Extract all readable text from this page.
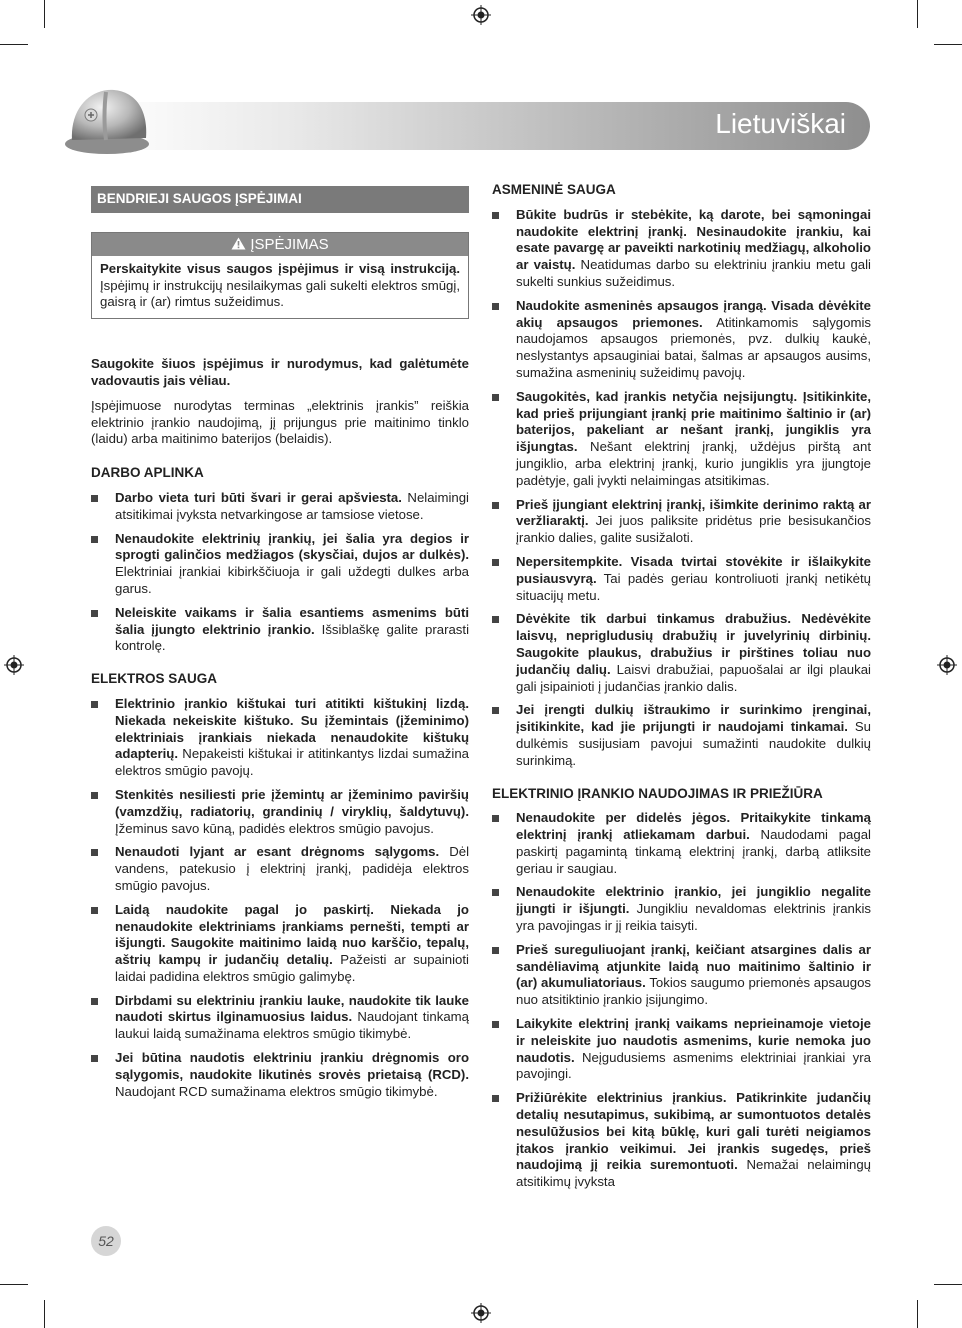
Lietuviškai
BENDRIEJI SAUGOS ĮSPĖJIMAI
ĮSPĖJIMAS
Perskaitykite visus saugos įspėjimus ir visą instrukciją. Įspėjimų ir instrukcijų nesilaikymas gali sukelti elektros smūgį, gaisrą ir (ar) rimtus sužeidimus.

Saugokite šiuos įspėjimus ir nurodymus, kad galėtumėte vadovautis jais vėliau.

Įspėjimuose nurodytas terminas „elektrinis įrankis” reiškia elektrinio įrankio naudojimą, jį prijungus prie maitinimo tinklo (laidu) arba maitinimo baterijos (belaidis).

DARBO APLINKA
Darbo vieta turi būti švari ir gerai apšviesta. Nelaimingi atsitikimai įvyksta netvarkingose ar tamsiose vietose.
Nenaudokite elektrinių įrankių, jei šalia yra degios ir sprogti galinčios medžiagos (skysčiai, dujos ar dulkės). Elektriniai įrankiai kibirkščiuoja ir gali uždegti dulkes arba garus.
Neleiskite vaikams ir šalia esantiems asmenims būti šalia įjungto elektrinio įrankio. Išsiblaškę galite prarasti kontrolę.
ELEKTROS SAUGA
Elektrinio įrankio kištukai turi atitikti kištukinį lizdą. Niekada nekeiskite kištuko. Su įžemintais (įžeminimo) elektriniais įrankiais niekada nenaudokite kištukų adapterių. Nepakeisti kištukai ir atitinkantys lizdai sumažina elektros smūgio pavojų.
Stenkitės nesiliesti prie įžemintų ar įžeminimo paviršių (vamzdžių, radiatorių, grandinių / viryklių, šaldytuvų). Įžeminus savo kūną, padidės elektros smūgio pavojus.
Nenaudoti lyjant ar esant drėgnoms sąlygoms. Dėl vandens, patekusio į elektrinį įrankį, padidėja elektros smūgio pavojus.
Laidą naudokite pagal jo paskirtį. Niekada jo nenaudokite elektriniams įrankiams pernešti, tempti ar išjungti. Saugokite maitinimo laidą nuo karščio, tepalų, aštrių kampų ir judančių detalių. Pažeisti ar supainioti laidai padidina elektros smūgio galimybę.
Dirbdami su elektriniu įrankiu lauke, naudokite tik lauke naudoti skirtus ilginamuosius laidus. Naudojant tinkamą laukui laidą sumažinama elektros smūgio tikimybė.
Jei būtina naudotis elektriniu įrankiu drėgnomis oro sąlygomis, naudokite likutinės srovės prietaisą (RCD). Naudojant RCD sumažinama elektros smūgio tikimybė.
ASMENINĖ SAUGA
Būkite budrūs ir stebėkite, ką darote, bei sąmoningai naudokite elektrinį įrankį. Nesinaudokite įrankiu, kai esate pavargę ar paveikti narkotinių medžiagų, alkoholio ar vaistų. Neatidumas darbo su elektriniu įrankiu metu gali sukelti sunkius sužeidimus.
Naudokite asmeninės apsaugos įrangą. Visada dėvėkite akių apsaugos priemones. Atitinkamomis sąlygomis naudojamos apsaugos priemonės, pvz. dulkių kaukė, neslystantys apsauginiai batai, šalmas ar apsaugos ausims, sumažina asmeninių sužeidimų pavojų.
Saugokitės, kad įrankis netyčia neįsijungtų. Įsitikinkite, kad prieš prijungiant įrankį prie maitinimo šaltinio ir (ar) baterijos, pakeliant ar nešant įrankį, jungiklis yra išjungtas. Nešant elektrinį įrankį, uždėjus pirštą ant jungiklio, arba elektrinį įrankį, kurio jungiklis yra įjungtoje padėtyje, gali įvykti nelaimingas atsitikimas.
Prieš įjungiant elektrinį įrankį, išimkite derinimo raktą ar veržliaraktį. Jei juos paliksite pridėtus prie besisukančios įrankio dalies, galite susižaloti.
Nepersitempkite. Visada tvirtai stovėkite ir išlaikykite pusiausvyrą. Tai padės geriau kontroliuoti įrankį netikėtų situacijų metu.
Dėvėkite tik darbui tinkamus drabužius. Nedėvėkite laisvų, neprigludusių drabužių ir juvelyrinių dirbinių. Saugokite plaukus, drabužius ir pirštines toliau nuo judančių dalių. Laisvi drabužiai, papuošalai ar ilgi plaukai gali įsipainioti į judančias įrankio dalis.
Jei įrengti dulkių ištraukimo ir surinkimo įrenginai, įsitikinkite, kad jie prijungti ir naudojami tinkamai. Su dulkėmis susijusiam pavojui sumažinti naudokite dulkių surinkimą.
ELEKTRINIO ĮRANKIO NAUDOJIMAS IR PRIEŽIŪRA
Nenaudokite per didelės jėgos. Pritaikykite tinkamą elektrinį įrankį atliekamam darbui. Naudodami pagal paskirtį pagamintą tinkamą elektrinį įrankį, darbą atliksite geriau ir saugiau.
Nenaudokite elektrinio įrankio, jei jungiklio negalite įjungti ir išjungti. Jungikliu nevaldomas elektrinis įrankis yra pavojingas ir jį reikia taisyti.
Prieš sureguliuojant įrankį, keičiant atsargines dalis ar sandėliavimą atjunkite laidą nuo maitinimo šaltinio ir (ar) akumuliatoriaus. Tokios saugumo priemonės apsaugos nuo atsitiktinio įrankio įsijungimo.
Laikykite elektrinį įrankį vaikams neprieinamoje vietoje ir neleiskite juo naudotis asmenims, kurie nemoka juo naudotis. Neįgudusiems asmenims elektriniai įrankiai yra pavojingi.
Prižiūrėkite elektrinius įrankius. Patikrinkite judančių detalių nesutapimus, sukibimą, ar sumontuotos detalės nesulūžusios bei kitą būklę, kuri gali turėti neigiamos įtakos įrankio veikimui. Jei įrankis sugedęs, prieš naudojimą jį reikia suremontuoti. Nemažai nelaimingų atsitikimų įvyksta
52
